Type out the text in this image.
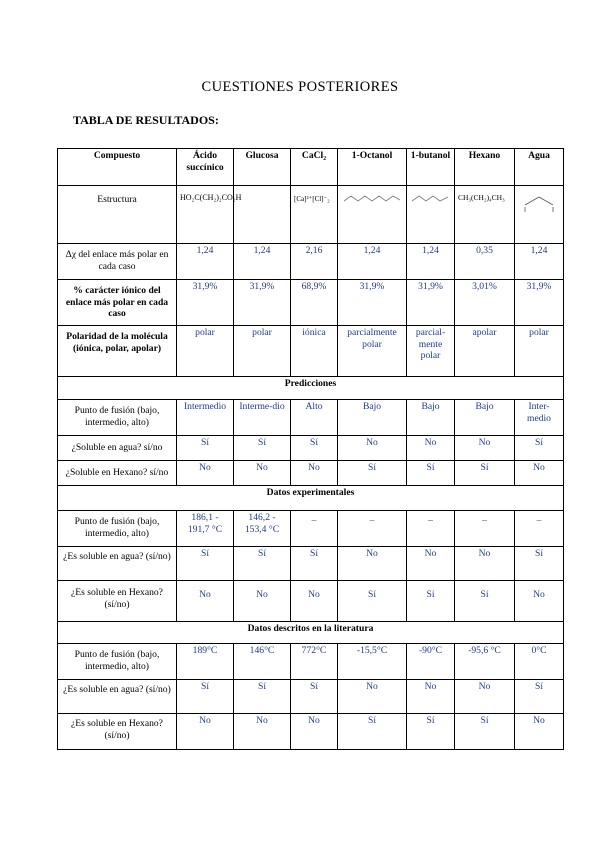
CUESTIONES POSTERIORES
TABLA DE RESULTADOS:
Compuesto	Ácido succínico	Glucosa	CaCl₂	1-Octanol	1-butanol	Hexano	Agua
Estructura	HO₂C(CH₂)₂CO₂H		[Ca]²⁺[Cl]⁻₂			CH₃(CH₂)₄CH₃

Δχ del enlace más polar en cada caso	1,24	1,24	2,16	1,24	1,24	0,35	1,24
% carácter iónico del enlace más polar en cada caso	31,9%	31,9%	68,9%	31,9%	31,9%	3,01%	31,9%
Polaridad de la molécula (iónica, polar, apolar)	polar	polar	iónica	parcialmente polar	parcial-mente polar	apolar	polar
Predicciones							
Punto de fusión (bajo, intermedio, alto)	Intermedio	Interme-dio	Alto	Bajo	Bajo	Bajo	Inter-medio
¿Soluble en agua? sí/no	Sí	Sí	Sí	No	No	No	Sí
¿Soluble en Hexano? sí/no	No	No	No	Sí	Sí	Sí	No
Datos experimentales							
Punto de fusión (bajo, intermedio, alto)	186,1 - 191,7 °C	146,2 - 153,4 °C	_	_	_	_	_
¿Es soluble en agua? (sí/no)	Sí	Sí	Sí	No	No	No	Sí
¿Es soluble en Hexano? (sí/no)	No	No	No	Sí	Sí	Sí	No
Datos descritos en la literatura							
Punto de fusión (bajo, intermedio, alto)	189°C	146°C	772°C	-15,5°C	-90°C	-95,6 °C	0°C
¿Es soluble en agua? (sí/no)	Sí	Sí	Sí	No	No	No	Sí
¿Es soluble en Hexano? (sí/no)	No	No	No	Sí	Sí	Sí	No
